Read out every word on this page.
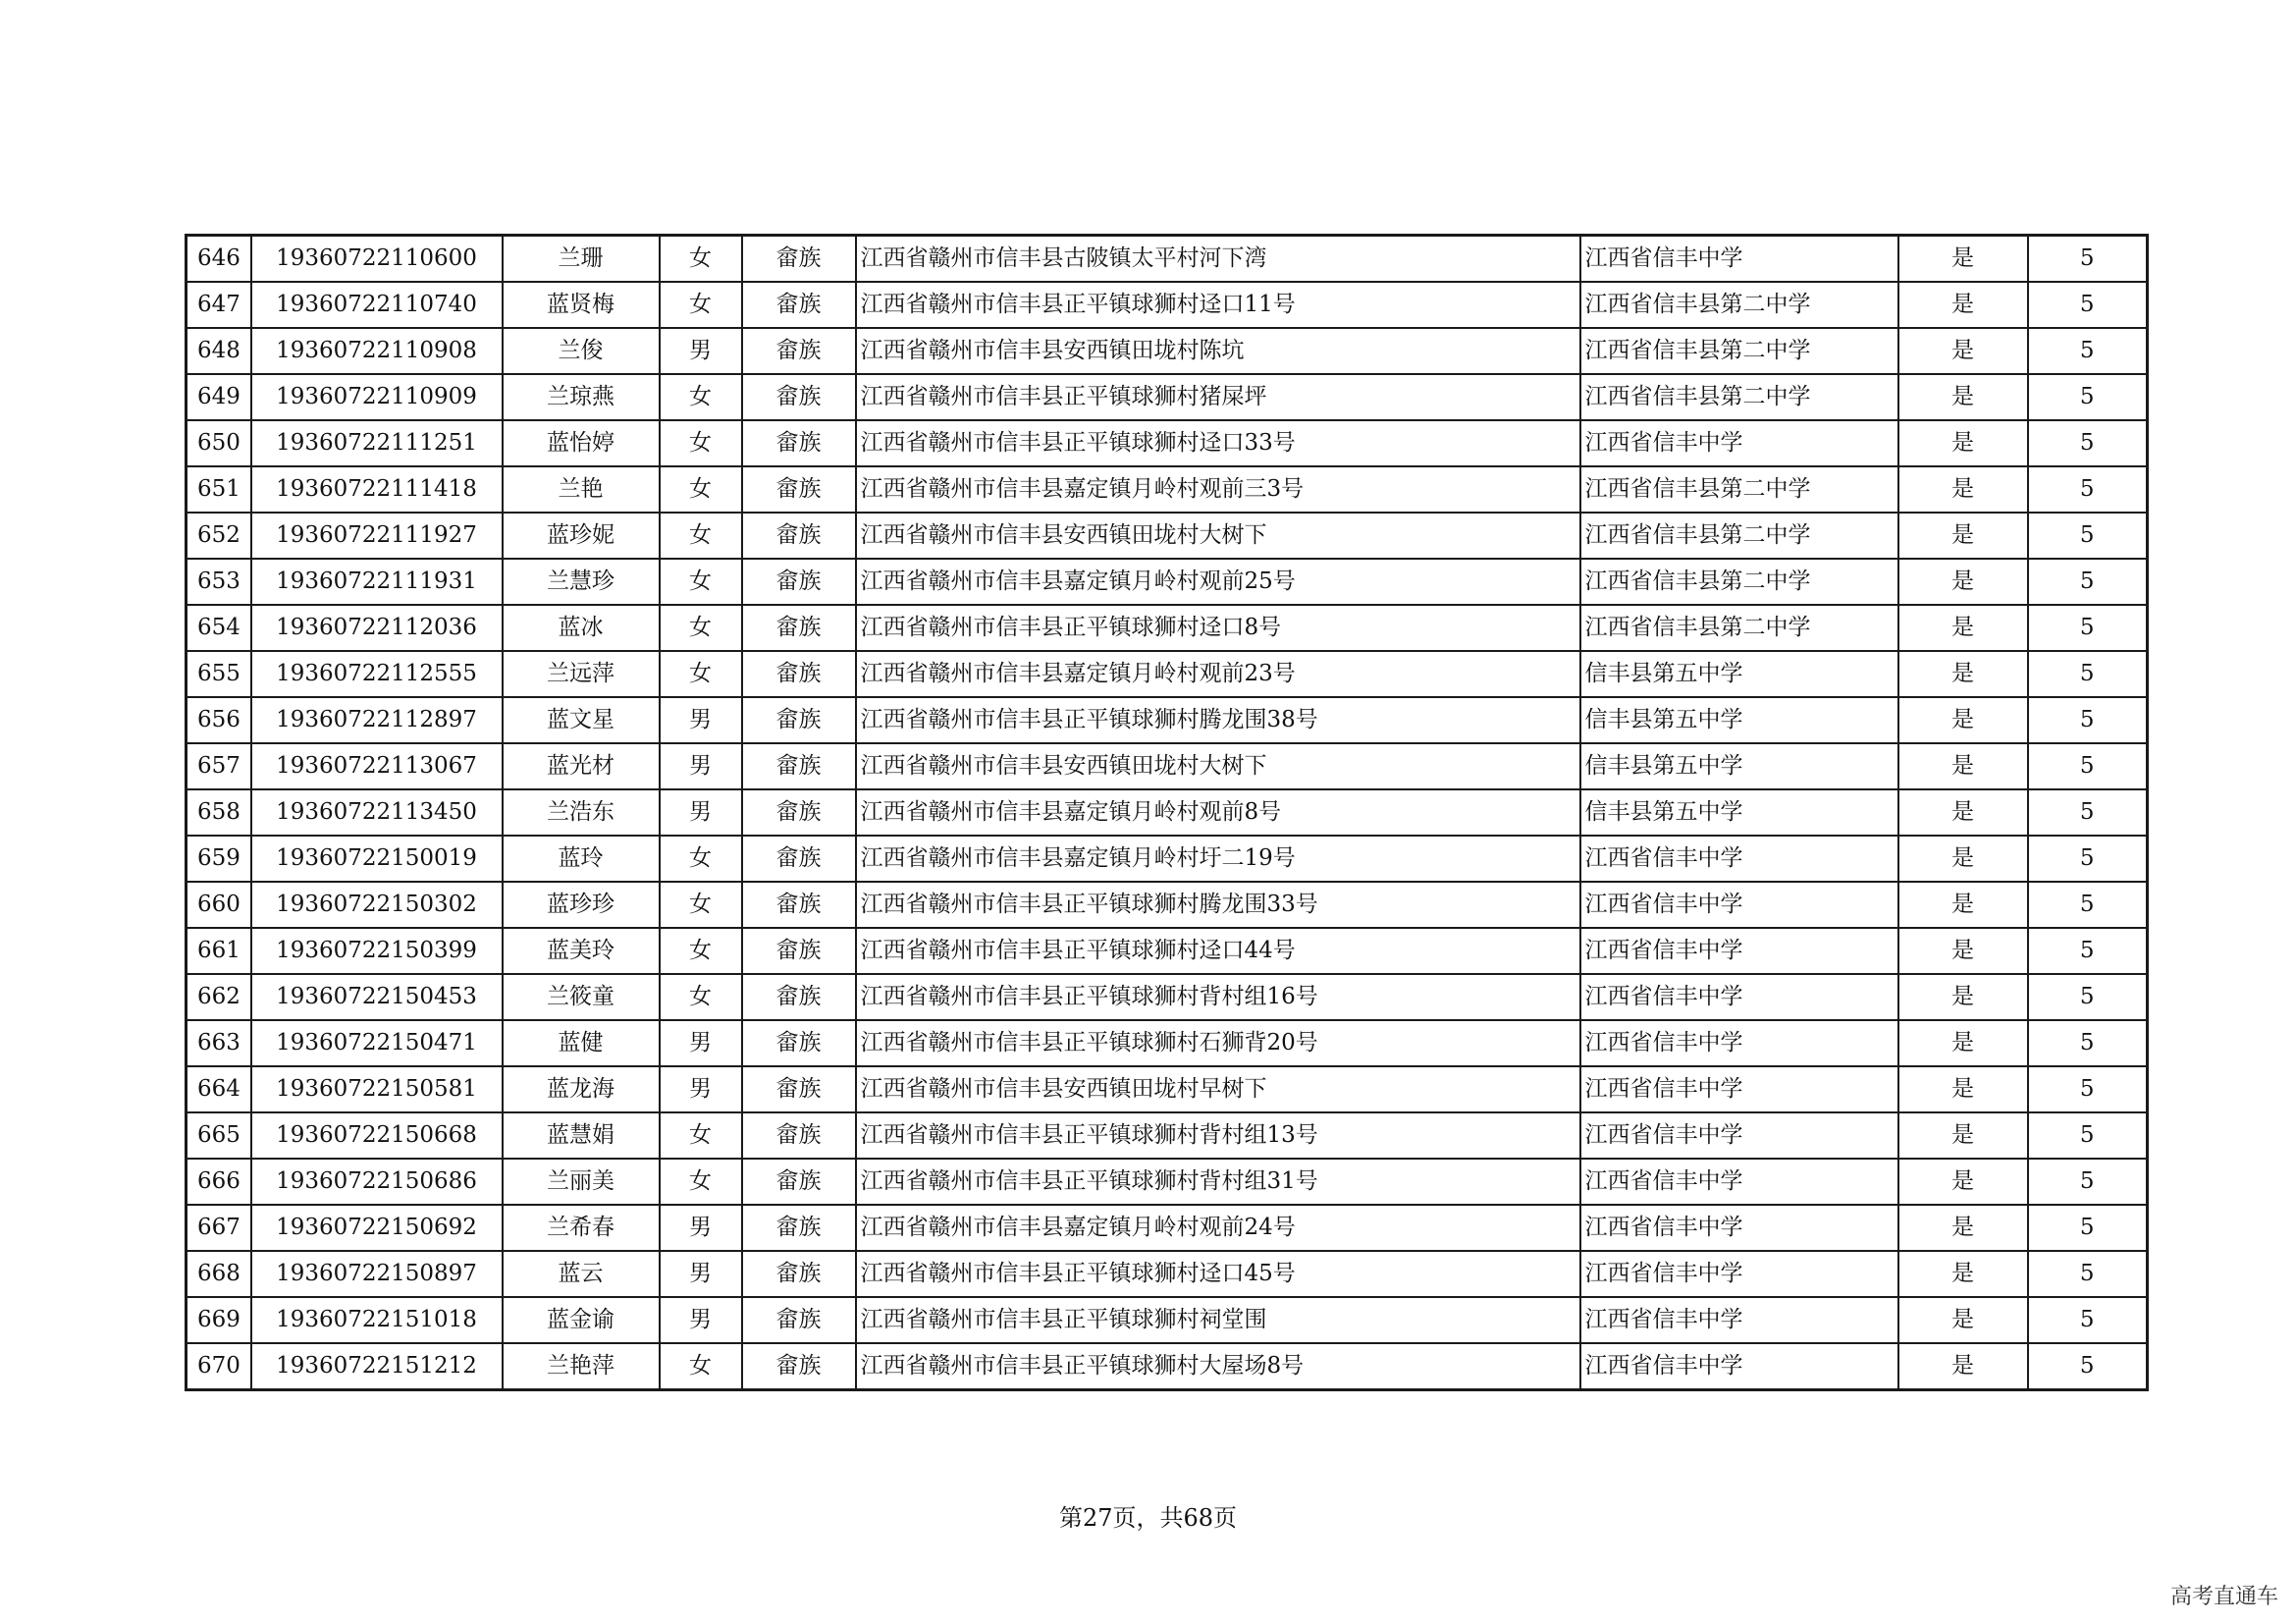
646	19360722110600	兰珊	女	畲族	江西省赣州市信丰县古陂镇太平村河下湾	江西省信丰中学	是	5
647	19360722110740	蓝贤梅	女	畲族	江西省赣州市信丰县正平镇球狮村迳口11号	江西省信丰县第二中学	是	5
648	19360722110908	兰俊	男	畲族	江西省赣州市信丰县安西镇田垅村陈坑	江西省信丰县第二中学	是	5
649	19360722110909	兰琼燕	女	畲族	江西省赣州市信丰县正平镇球狮村猪屎坪	江西省信丰县第二中学	是	5
650	19360722111251	蓝怡婷	女	畲族	江西省赣州市信丰县正平镇球狮村迳口33号	江西省信丰中学	是	5
651	19360722111418	兰艳	女	畲族	江西省赣州市信丰县嘉定镇月岭村观前三3号	江西省信丰县第二中学	是	5
652	19360722111927	蓝珍妮	女	畲族	江西省赣州市信丰县安西镇田垅村大树下	江西省信丰县第二中学	是	5
653	19360722111931	兰慧珍	女	畲族	江西省赣州市信丰县嘉定镇月岭村观前25号	江西省信丰县第二中学	是	5
654	19360722112036	蓝冰	女	畲族	江西省赣州市信丰县正平镇球狮村迳口8号	江西省信丰县第二中学	是	5
655	19360722112555	兰远萍	女	畲族	江西省赣州市信丰县嘉定镇月岭村观前23号	信丰县第五中学	是	5
656	19360722112897	蓝文星	男	畲族	江西省赣州市信丰县正平镇球狮村腾龙围38号	信丰县第五中学	是	5
657	19360722113067	蓝光材	男	畲族	江西省赣州市信丰县安西镇田垅村大树下	信丰县第五中学	是	5
658	19360722113450	兰浩东	男	畲族	江西省赣州市信丰县嘉定镇月岭村观前8号	信丰县第五中学	是	5
659	19360722150019	蓝玲	女	畲族	江西省赣州市信丰县嘉定镇月岭村圩二19号	江西省信丰中学	是	5
660	19360722150302	蓝珍珍	女	畲族	江西省赣州市信丰县正平镇球狮村腾龙围33号	江西省信丰中学	是	5
661	19360722150399	蓝美玲	女	畲族	江西省赣州市信丰县正平镇球狮村迳口44号	江西省信丰中学	是	5
662	19360722150453	兰筱童	女	畲族	江西省赣州市信丰县正平镇球狮村背村组16号	江西省信丰中学	是	5
663	19360722150471	蓝健	男	畲族	江西省赣州市信丰县正平镇球狮村石狮背20号	江西省信丰中学	是	5
664	19360722150581	蓝龙海	男	畲族	江西省赣州市信丰县安西镇田垅村早树下	江西省信丰中学	是	5
665	19360722150668	蓝慧娟	女	畲族	江西省赣州市信丰县正平镇球狮村背村组13号	江西省信丰中学	是	5
666	19360722150686	兰丽美	女	畲族	江西省赣州市信丰县正平镇球狮村背村组31号	江西省信丰中学	是	5
667	19360722150692	兰希春	男	畲族	江西省赣州市信丰县嘉定镇月岭村观前24号	江西省信丰中学	是	5
668	19360722150897	蓝云	男	畲族	江西省赣州市信丰县正平镇球狮村迳口45号	江西省信丰中学	是	5
669	19360722151018	蓝金谕	男	畲族	江西省赣州市信丰县正平镇球狮村祠堂围	江西省信丰中学	是	5
670	19360722151212	兰艳萍	女	畲族	江西省赣州市信丰县正平镇球狮村大屋场8号	江西省信丰中学	是	5
第27页，共68页
高考直通车
